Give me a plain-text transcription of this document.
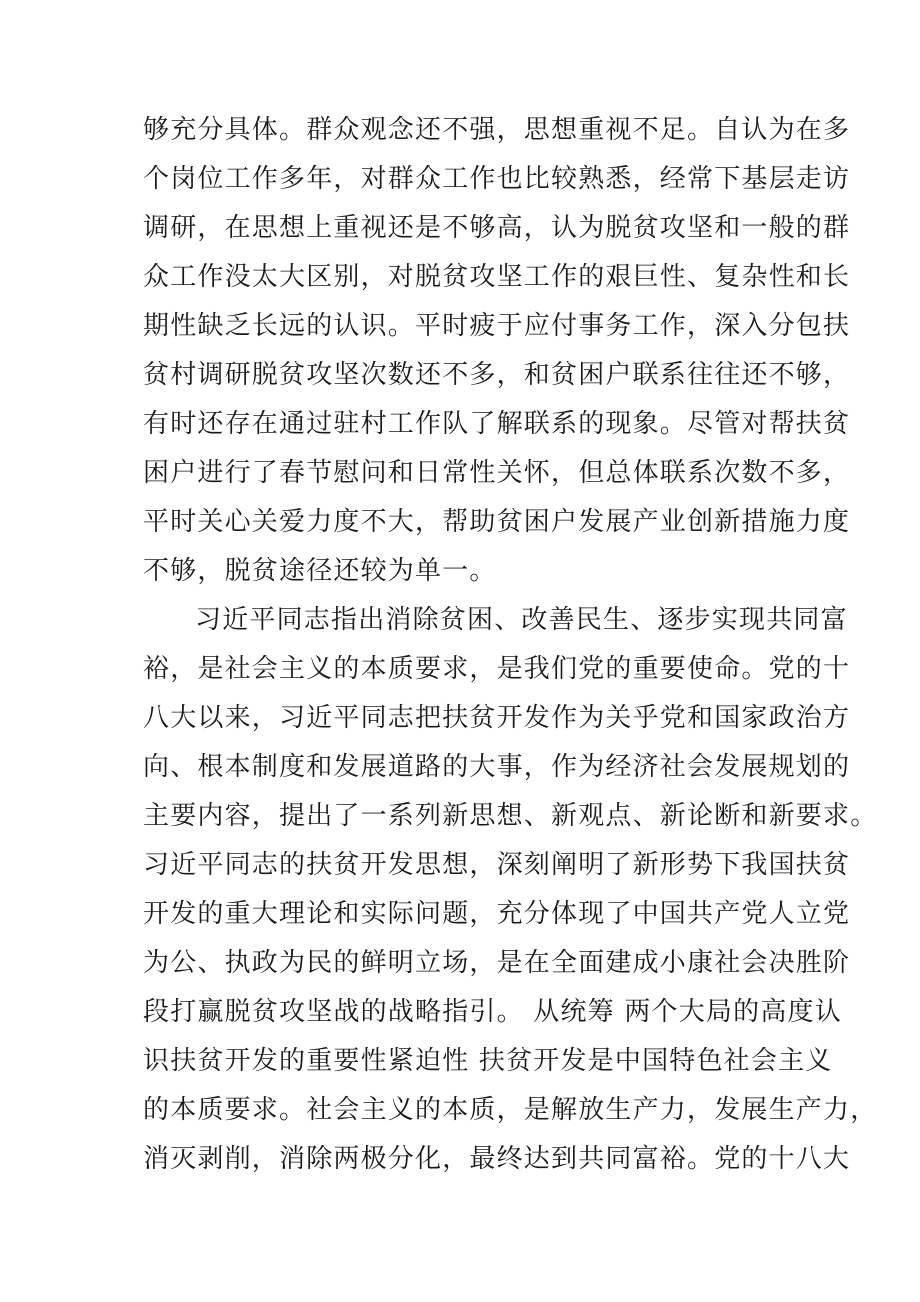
够充分具体。群众观念还不强，思想重视不足。自认为在多
个岗位工作多年，对群众工作也比较熟悉，经常下基层走访
调研，在思想上重视还是不够高，认为脱贫攻坚和一般的群
众工作没太大区别，对脱贫攻坚工作的艰巨性、复杂性和长
期性缺乏长远的认识。平时疲于应付事务工作，深入分包扶
贫村调研脱贫攻坚次数还不多，和贫困户联系往往还不够，
有时还存在通过驻村工作队了解联系的现象。尽管对帮扶贫
困户进行了春节慰问和日常性关怀，但总体联系次数不多，
平时关心关爱力度不大，帮助贫困户发展产业创新措施力度
不够，脱贫途径还较为单一。
习近平同志指出消除贫困、改善民生、逐步实现共同富
裕，是社会主义的本质要求，是我们党的重要使命。党的十
八大以来，习近平同志把扶贫开发作为关乎党和国家政治方
向、根本制度和发展道路的大事，作为经济社会发展规划的
主要内容，提出了一系列新思想、新观点、新论断和新要求。
习近平同志的扶贫开发思想，深刻阐明了新形势下我国扶贫
开发的重大理论和实际问题，充分体现了中国共产党人立党
为公、执政为民的鲜明立场，是在全面建成小康社会决胜阶
段打赢脱贫攻坚战的战略指引。 从统筹 两个大局的高度认
识扶贫开发的重要性紧迫性 扶贫开发是中国特色社会主义
的本质要求。社会主义的本质，是解放生产力，发展生产力，
消灭剥削，消除两极分化，最终达到共同富裕。党的十八大
